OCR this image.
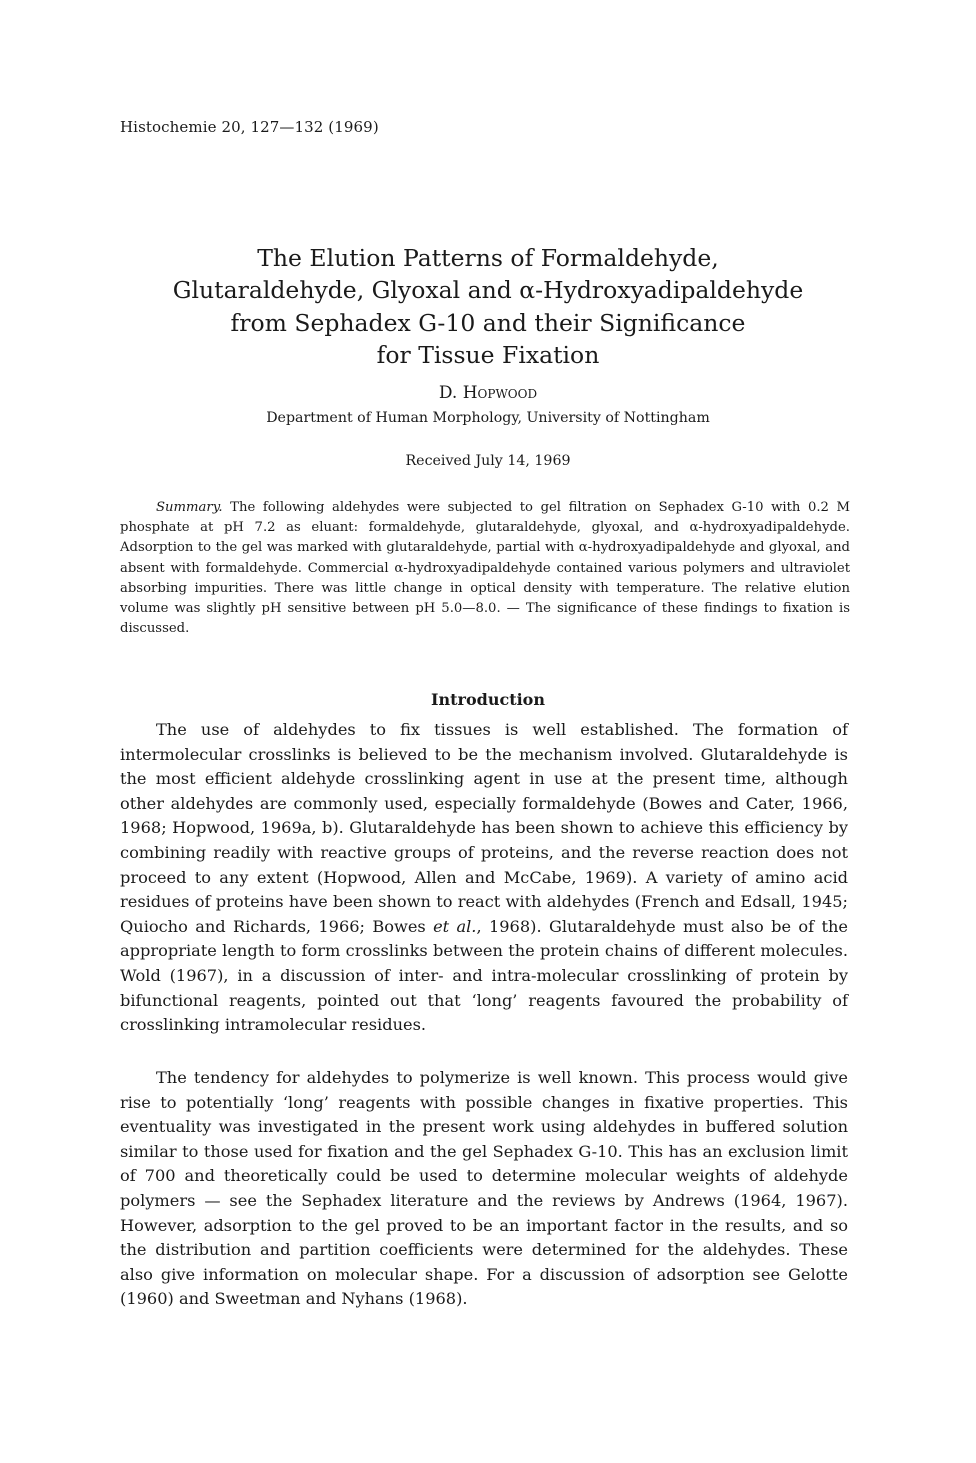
Histochemie 20, 127—132 (1969)
The Elution Patterns of Formaldehyde,
Glutaraldehyde, Glyoxal and α-Hydroxyadipaldehyde
from Sephadex G-10 and their Significance
for Tissue Fixation
D. Hopwood
Department of Human Morphology, University of Nottingham
Received July 14, 1969
Summary. The following aldehydes were subjected to gel filtration on Sephadex G-10 with 0.2 M phosphate at pH 7.2 as eluant: formaldehyde, glutaraldehyde, glyoxal, and α-hydroxyadipaldehyde. Adsorption to the gel was marked with glutaraldehyde, partial with α-hydroxyadipaldehyde and glyoxal, and absent with formaldehyde. Commercial α-hydroxyadipaldehyde contained various polymers and ultraviolet absorbing impurities. There was little change in optical density with temperature. The relative elution volume was slightly pH sensitive between pH 5.0—8.0. — The significance of these findings to fixation is discussed.
Introduction

The use of aldehydes to fix tissues is well established. The formation of intermolecular crosslinks is believed to be the mechanism involved. Glutaraldehyde is the most efficient aldehyde crosslinking agent in use at the present time, although other aldehydes are commonly used, especially formaldehyde (Bowes and Cater, 1966, 1968; Hopwood, 1969a, b). Glutaraldehyde has been shown to achieve this efficiency by combining readily with reactive groups of proteins, and the reverse reaction does not proceed to any extent (Hopwood, Allen and McCabe, 1969). A variety of amino acid residues of proteins have been shown to react with aldehydes (French and Edsall, 1945; Quiocho and Richards, 1966; Bowes et al., 1968). Glutaraldehyde must also be of the appropriate length to form crosslinks between the protein chains of different molecules. Wold (1967), in a discussion of inter- and intra-molecular crosslinking of protein by bifunctional reagents, pointed out that ‘long’ reagents favoured the probability of crosslinking intramolecular residues.

The tendency for aldehydes to polymerize is well known. This process would give rise to potentially ‘long’ reagents with possible changes in fixative properties. This eventuality was investigated in the present work using aldehydes in buffered solution similar to those used for fixation and the gel Sephadex G-10. This has an exclusion limit of 700 and theoretically could be used to determine molecular weights of aldehyde polymers — see the Sephadex literature and the reviews by Andrews (1964, 1967). However, adsorption to the gel proved to be an important factor in the results, and so the distribution and partition coefficients were determined for the aldehydes. These also give information on molecular shape. For a discussion of adsorption see Gelotte (1960) and Sweetman and Nyhans (1968).
